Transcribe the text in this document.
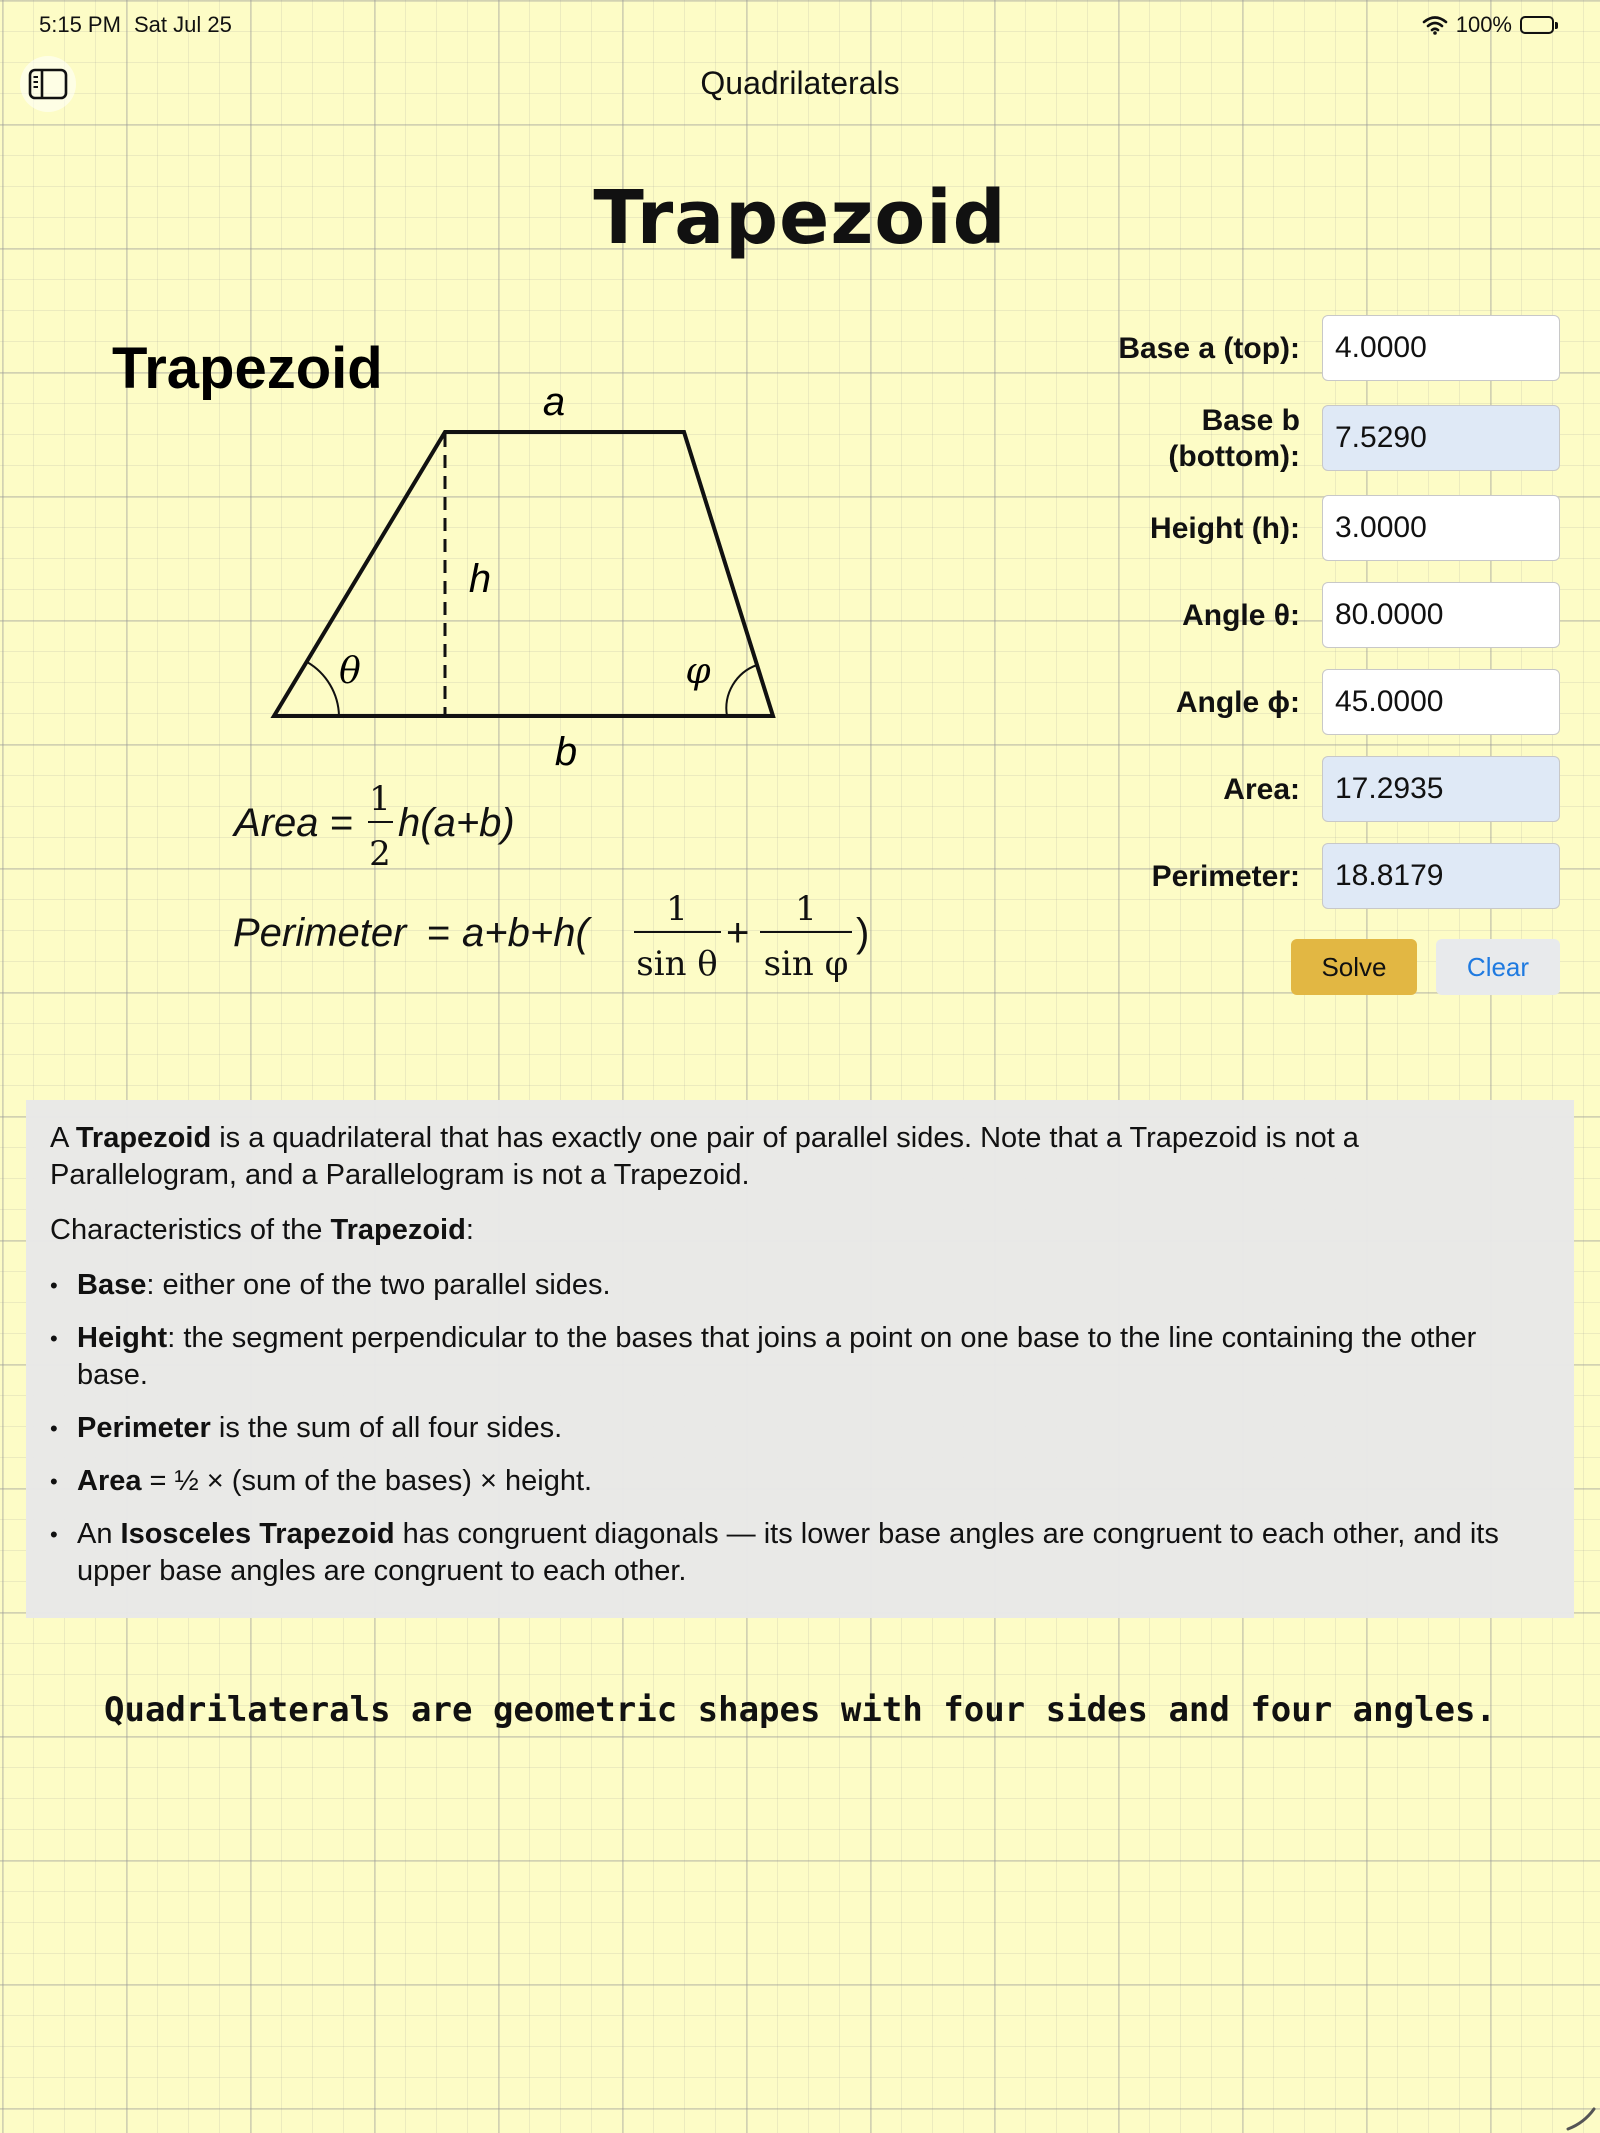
5:15 PM Sat Jul 25	100%
Quadrilaterals
Trapezoid
Trapezoid
a
h
θ	φ
b
Area =
1
2
h(a+b)
Perimeter = a+b+h(
1
sin θ
+
1
sin φ
)
Base a (top):
4.0000
Base b (bottom):
7.5290
Height (h):
3.0000
Angle θ:
80.0000
Angle ϕ:
45.0000
Area:
17.2935
Perimeter:
18.8179
Solve	Clear

A Trapezoid is a quadrilateral that has exactly one pair of parallel sides. Note that a Trapezoid is not a Parallelogram, and a Parallelogram is not a Trapezoid.

Characteristics of the Trapezoid:

• Base: either one of the two parallel sides.
• Height: the segment perpendicular to the bases that joins a point on one base to the line containing the other base.
• Perimeter is the sum of all four sides.
• Area = ½ × (sum of the bases) × height.
• An Isosceles Trapezoid has congruent diagonals — its lower base angles are congruent to each other, and its upper base angles are congruent to each other.
Quadrilaterals are geometric shapes with four sides and four angles.
